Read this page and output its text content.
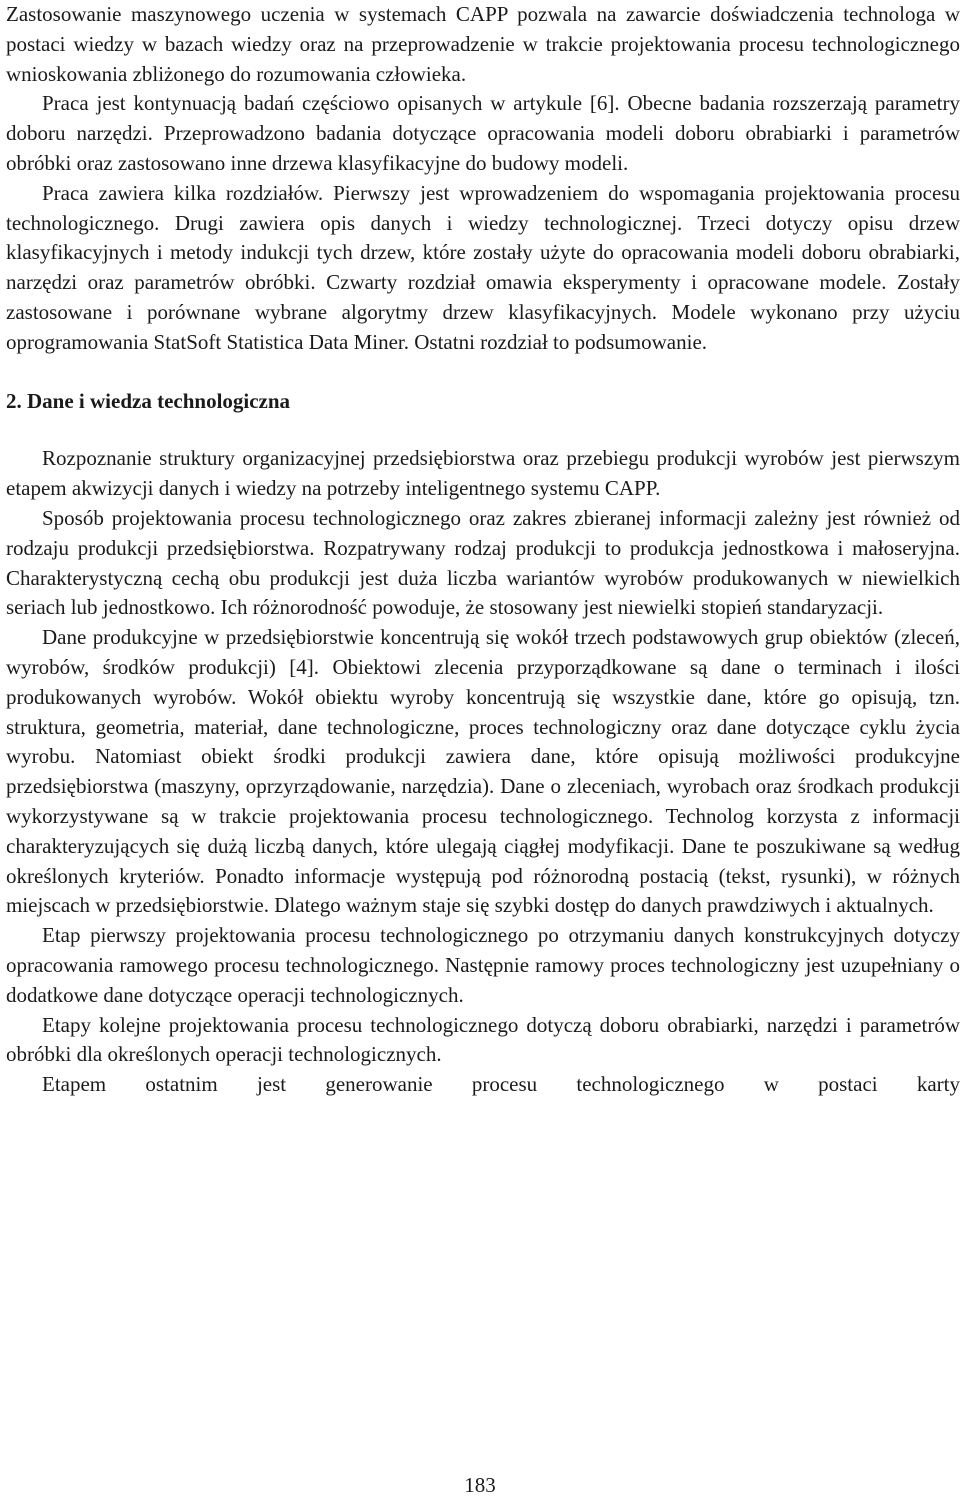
Zastosowanie maszynowego uczenia w systemach CAPP pozwala na zawarcie doświadczenia technologa w postaci wiedzy w bazach wiedzy oraz na przeprowadzenie w trakcie projektowania procesu technologicznego wnioskowania zbliżonego do rozumowania człowieka.

Praca jest kontynuacją badań częściowo opisanych w artykule [6]. Obecne badania rozszerzają parametry doboru narzędzi. Przeprowadzono badania dotyczące opracowania modeli doboru obrabiarki i parametrów obróbki oraz zastosowano inne drzewa klasyfikacyjne do budowy modeli.

Praca zawiera kilka rozdziałów. Pierwszy jest wprowadzeniem do wspomagania projektowania procesu technologicznego. Drugi zawiera opis danych i wiedzy technologicznej. Trzeci dotyczy opisu drzew klasyfikacyjnych i metody indukcji tych drzew, które zostały użyte do opracowania modeli doboru obrabiarki, narzędzi oraz parametrów obróbki. Czwarty rozdział omawia eksperymenty i opracowane modele. Zostały zastosowane i porównane wybrane algorytmy drzew klasyfikacyjnych. Modele wykonano przy użyciu oprogramowania StatSoft Statistica Data Miner. Ostatni rozdział to podsumowanie.

2. Dane i wiedza technologiczna

Rozpoznanie struktury organizacyjnej przedsiębiorstwa oraz przebiegu produkcji wyrobów jest pierwszym etapem akwizycji danych i wiedzy na potrzeby inteligentnego systemu CAPP.

Sposób projektowania procesu technologicznego oraz zakres zbieranej informacji zależny jest również od rodzaju produkcji przedsiębiorstwa. Rozpatrywany rodzaj produkcji to produkcja jednostkowa i małoseryjna. Charakterystyczną cechą obu produkcji jest duża liczba wariantów wyrobów produkowanych w niewielkich seriach lub jednostkowo. Ich różnorodność powoduje, że stosowany jest niewielki stopień standaryzacji.

Dane produkcyjne w przedsiębiorstwie koncentrują się wokół trzech podstawowych grup obiektów (zleceń, wyrobów, środków produkcji) [4]. Obiektowi zlecenia przyporządkowane są dane o terminach i ilości produkowanych wyrobów. Wokół obiektu wyroby koncentrują się wszystkie dane, które go opisują, tzn. struktura, geometria, materiał, dane technologiczne, proces technologiczny oraz dane dotyczące cyklu życia wyrobu. Natomiast obiekt środki produkcji zawiera dane, które opisują możliwości produkcyjne przedsiębiorstwa (maszyny, oprzyrządowanie, narzędzia). Dane o zleceniach, wyrobach oraz środkach produkcji wykorzystywane są w trakcie projektowania procesu technologicznego. Technolog korzysta z informacji charakteryzujących się dużą liczbą danych, które ulegają ciągłej modyfikacji. Dane te poszukiwane są według określonych kryteriów. Ponadto informacje występują pod różnorodną postacią (tekst, rysunki), w różnych miejscach w przedsiębiorstwie. Dlatego ważnym staje się szybki dostęp do danych prawdziwych i aktualnych.

Etap pierwszy projektowania procesu technologicznego po otrzymaniu danych konstrukcyjnych dotyczy opracowania ramowego procesu technologicznego. Następnie ramowy proces technologiczny jest uzupełniany o dodatkowe dane dotyczące operacji technologicznych.

Etapy kolejne projektowania procesu technologicznego dotyczą doboru obrabiarki, narzędzi i parametrów obróbki dla określonych operacji technologicznych.

Etapem ostatnim jest generowanie procesu technologicznego w postaci karty

183
